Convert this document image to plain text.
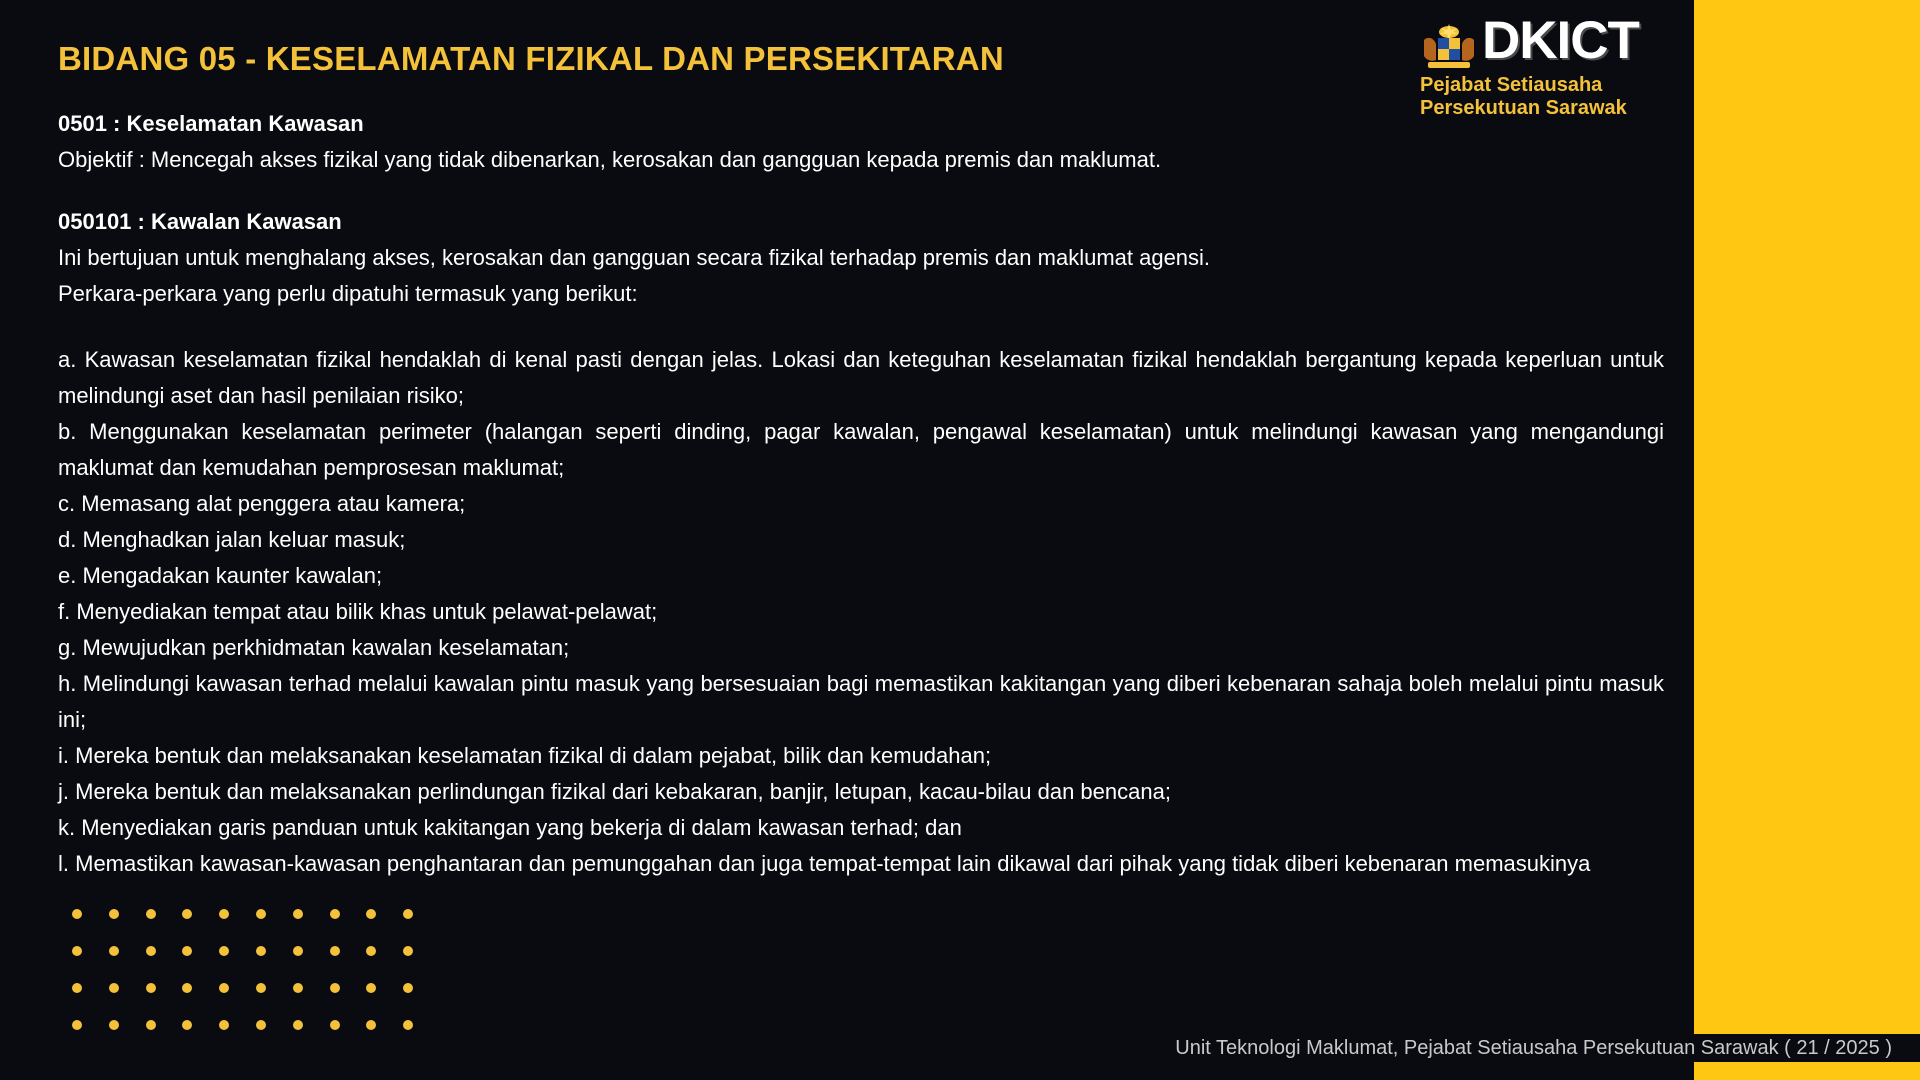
BIDANG 05 - KESELAMATAN FIZIKAL DAN PERSEKITARAN	DKICT
Pejabat Setiausaha
Persekutuan Sarawak

0501 : Keselamatan Kawasan

Objektif : Mencegah akses fizikal yang tidak dibenarkan, kerosakan dan gangguan kepada premis dan maklumat.

050101 : Kawalan Kawasan

Ini bertujuan untuk menghalang akses, kerosakan dan gangguan secara fizikal terhadap premis dan maklumat agensi.

Perkara-perkara yang perlu dipatuhi termasuk yang berikut:

a. Kawasan keselamatan fizikal hendaklah di kenal pasti dengan jelas. Lokasi dan keteguhan keselamatan fizikal hendaklah bergantung kepada keperluan untuk melindungi aset dan hasil penilaian risiko;

b. Menggunakan keselamatan perimeter (halangan seperti dinding, pagar kawalan, pengawal keselamatan) untuk melindungi kawasan yang mengandungi maklumat dan kemudahan pemprosesan maklumat;

c. Memasang alat penggera atau kamera;

d. Menghadkan jalan keluar masuk;

e. Mengadakan kaunter kawalan;

f. Menyediakan tempat atau bilik khas untuk pelawat-pelawat;

g. Mewujudkan perkhidmatan kawalan keselamatan;

h. Melindungi kawasan terhad melalui kawalan pintu masuk yang bersesuaian bagi memastikan kakitangan yang diberi kebenaran sahaja boleh melalui pintu masuk ini;

i. Mereka bentuk dan melaksanakan keselamatan fizikal di dalam pejabat, bilik dan kemudahan;

j. Mereka bentuk dan melaksanakan perlindungan fizikal dari kebakaran, banjir, letupan, kacau-bilau dan bencana;

k. Menyediakan garis panduan untuk kakitangan yang bekerja di dalam kawasan terhad; dan

l. Memastikan kawasan-kawasan penghantaran dan pemunggahan dan juga tempat-tempat lain dikawal dari pihak yang tidak diberi kebenaran memasukinya

Unit Teknologi Maklumat, Pejabat Setiausaha Persekutuan Sarawak ( 21 / 2025 )
